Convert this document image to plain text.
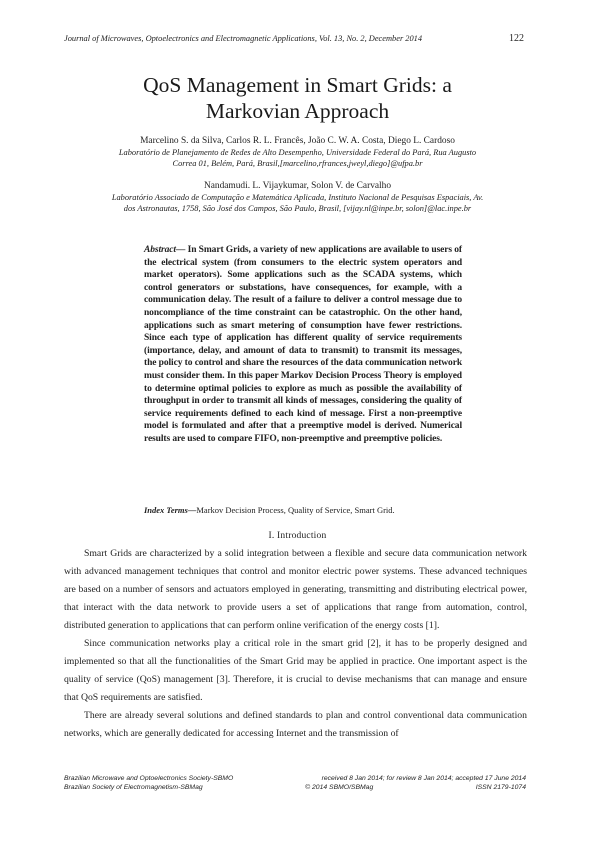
Journal of Microwaves, Optoelectronics and Electromagnetic Applications, Vol. 13, No. 2, December 2014	122
QoS Management in Smart Grids: a
Markovian Approach
Marcelino S. da Silva, Carlos R. L. Francês, João C. W. A. Costa, Diego L. Cardoso
Laboratório de Planejamento de Redes de Alto Desempenho, Universidade Federal do Pará, Rua Augusto
Correa 01, Belém, Pará, Brasil,[marcelino,rfrances,jweyl,diego]@ufpa.br
Nandamudi. L. Vijaykumar, Solon V. de Carvalho
Laboratório Associado de Computação e Matemática Aplicada, Instituto Nacional de Pesquisas Espaciais, Av.
dos Astronautas, 1758, São José dos Campos, São Paulo, Brasil, [vijay.nl@inpe.br, solon]@lac.inpe.br
Abstract— In Smart Grids, a variety of new applications are available to users of the electrical system (from consumers to the electric system operators and market operators). Some applications such as the SCADA systems, which control generators or substations, have consequences, for example, with a communication delay. The result of a failure to deliver a control message due to noncompliance of the time constraint can be catastrophic. On the other hand, applications such as smart metering of consumption have fewer restrictions. Since each type of application has different quality of service requirements (importance, delay, and amount of data to transmit) to transmit its messages, the policy to control and share the resources of the data communication network must consider them. In this paper Markov Decision Process Theory is employed to determine optimal policies to explore as much as possible the availability of throughput in order to transmit all kinds of messages, considering the quality of service requirements defined to each kind of message. First a non-preemptive model is formulated and after that a preemptive model is derived. Numerical results are used to compare FIFO, non-preemptive and preemptive policies.
Index Terms—Markov Decision Process, Quality of Service, Smart Grid.
I. Introduction

Smart Grids are characterized by a solid integration between a flexible and secure data communication network with advanced management techniques that control and monitor electric power systems. These advanced techniques are based on a number of sensors and actuators employed in generating, transmitting and distributing electrical power, that interact with the data network to provide users a set of applications that range from automation, control, distributed generation to applications that can perform online verification of the energy costs [1].

Since communication networks play a critical role in the smart grid [2], it has to be properly designed and implemented so that all the functionalities of the Smart Grid may be applied in practice. One important aspect is the quality of service (QoS) management [3]. Therefore, it is crucial to devise mechanisms that can manage and ensure that QoS requirements are satisfied.

There are already several solutions and defined standards to plan and control conventional data communication networks, which are generally dedicated for accessing Internet and the transmission of

Brazilian Microwave and Optoelectronics Society-SBMO	received 8 Jan 2014; for review 8 Jan 2014; accepted 17 June 2014
Brazilian Society of Electromagnetism-SBMag	© 2014 SBMO/SBMag	ISSN 2179-1074
